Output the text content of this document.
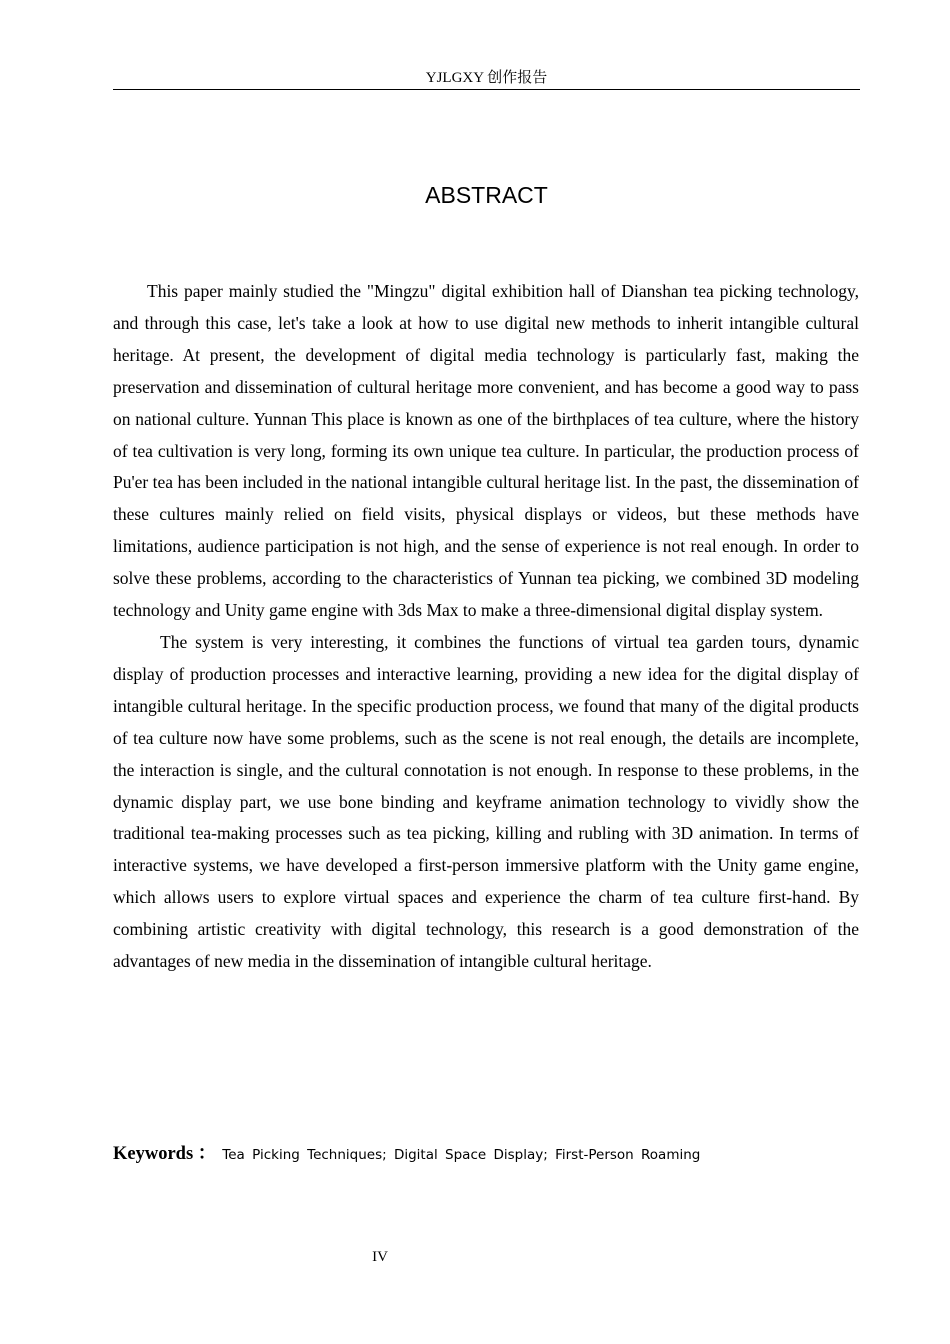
YJLGXY 创作报告
ABSTRACT

This paper mainly studied the "Mingzu" digital exhibition hall of Dianshan tea picking technology, and through this case, let's take a look at how to use digital new methods to inherit intangible cultural heritage. At present, the development of digital media technology is particularly fast, making the preservation and dissemination of cultural heritage more convenient, and has become a good way to pass on national culture. Yunnan This place is known as one of the birthplaces of tea culture, where the history of tea cultivation is very long, forming its own unique tea culture. In particular, the production process of Pu'er tea has been included in the national intangible cultural heritage list. In the past, the dissemination of these cultures mainly relied on field visits, physical displays or videos, but these methods have limitations, audience participation is not high, and the sense of experience is not real enough. In order to solve these problems, according to the characteristics of Yunnan tea picking, we combined 3D modeling technology and Unity game engine with 3ds Max to make a three-dimensional digital display system.

The system is very interesting, it combines the functions of virtual tea garden tours, dynamic display of production processes and interactive learning, providing a new idea for the digital display of intangible cultural heritage. In the specific production process, we found that many of the digital products of tea culture now have some problems, such as the scene is not real enough, the details are incomplete, the interaction is single, and the cultural connotation is not enough. In response to these problems, in the dynamic display part, we use bone binding and keyframe animation technology to vividly show the traditional tea-making processes such as tea picking, killing and rubling with 3D animation. In terms of interactive systems, we have developed a first-person immersive platform with the Unity game engine, which allows users to explore virtual spaces and experience the charm of tea culture first-hand. By combining artistic creativity with digital technology, this research is a good demonstration of the advantages of new media in the dissemination of intangible cultural heritage.

Keywords ： Tea Picking Techniques; Digital Space Display; First-Person Roaming
IV
